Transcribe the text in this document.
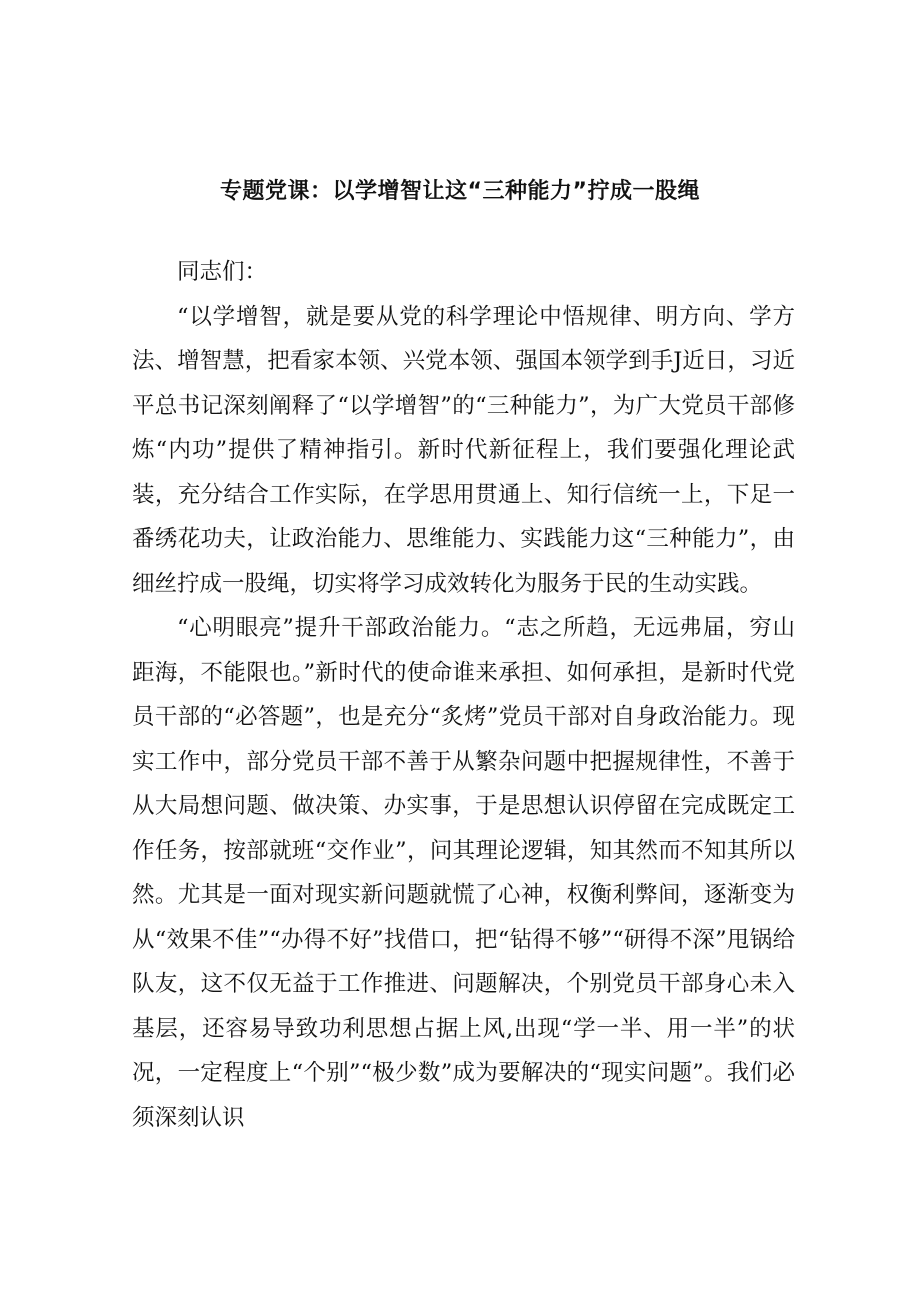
专题党课：以学增智让这“三种能力”拧成一股绳

同志们：

“以学增智，就是要从党的科学理论中悟规律、明方向、学方法、增智慧，把看家本领、兴党本领、强国本领学到手J近日，习近平总书记深刻阐释了“以学增智”的“三种能力”，为广大党员干部修炼“内功”提供了精神指引。新时代新征程上，我们要强化理论武装，充分结合工作实际，在学思用贯通上、知行信统一上，下足一番绣花功夫，让政治能力、思维能力、实践能力这“三种能力”，由细丝拧成一股绳，切实将学习成效转化为服务于民的生动实践。

“心明眼亮”提升干部政治能力。“志之所趋，无远弗届，穷山距海，不能限也。”新时代的使命谁来承担、如何承担，是新时代党员干部的“必答题”，也是充分“炙烤”党员干部对自身政治能力。现实工作中，部分党员干部不善于从繁杂问题中把握规律性，不善于从大局想问题、做决策、办实事，于是思想认识停留在完成既定工作任务，按部就班“交作业”，问其理论逻辑，知其然而不知其所以然。尤其是一面对现实新问题就慌了心神，权衡利弊间，逐渐变为从“效果不佳”“办得不好”找借口，把“钻得不够”“研得不深”甩锅给队友，这不仅无益于工作推进、问题解决，个别党员干部身心未入基层，还容易导致功利思想占据上风,出现“学一半、用一半”的状况，一定程度上“个别”“极少数”成为要解决的“现实问题”。我们必须深刻认识
